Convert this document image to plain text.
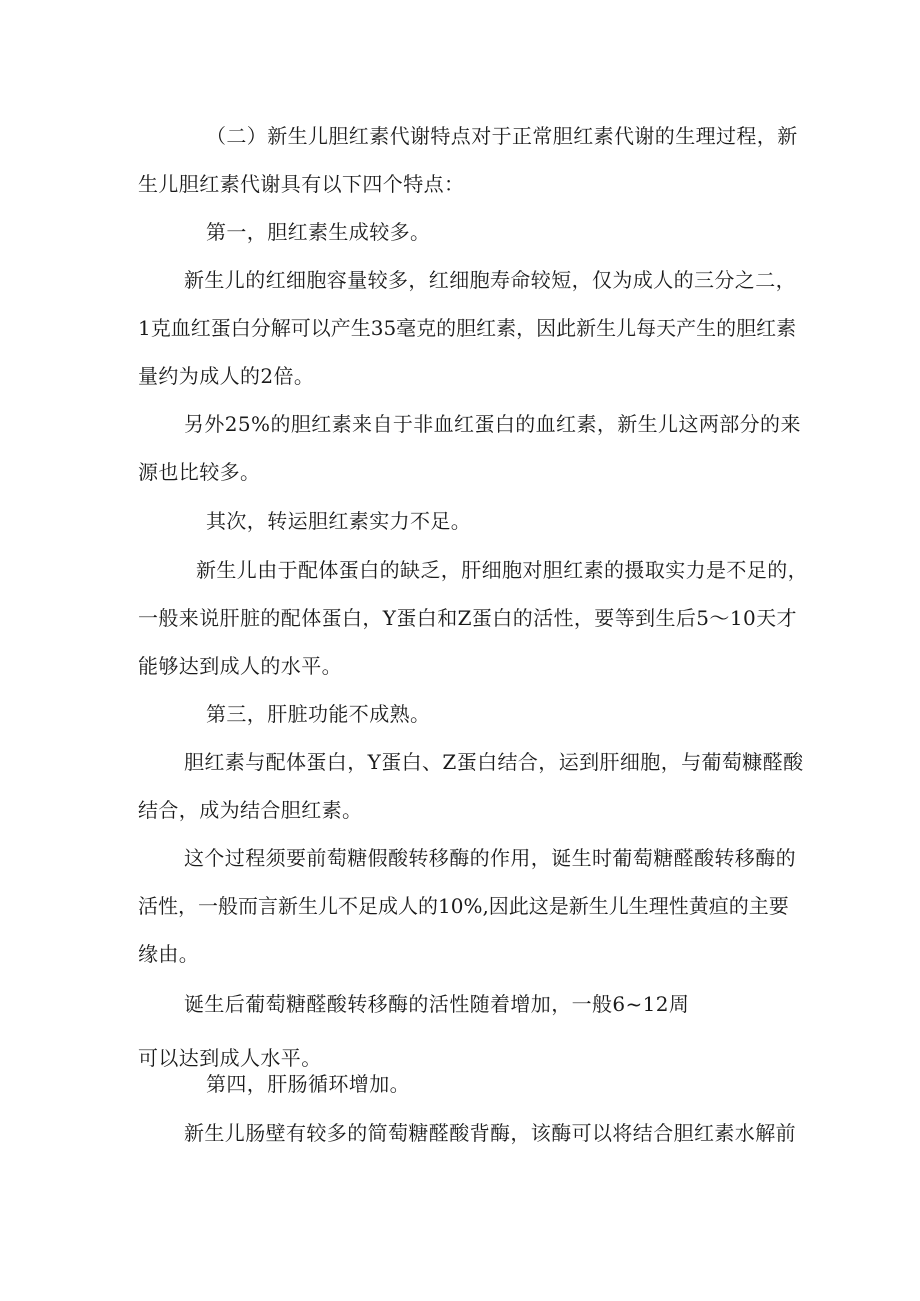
（二）新生儿胆红素代谢特点对于正常胆红素代谢的生理过程，新
生儿胆红素代谢具有以下四个特点：
第一，胆红素生成较多。
新生儿的红细胞容量较多，红细胞寿命较短，仅为成人的三分之二，
1克血红蛋白分解可以产生35毫克的胆红素，因此新生儿每天产生的胆红素
量约为成人的2倍。
另外25%的胆红素来自于非血红蛋白的血红素，新生儿这两部分的来
源也比较多。
其次，转运胆红素实力不足。
新生儿由于配体蛋白的缺乏，肝细胞对胆红素的摄取实力是不足的，
一般来说肝脏的配体蛋白，Y蛋白和Z蛋白的活性，要等到生后5～10天才
能够达到成人的水平。
第三，肝脏功能不成熟。
胆红素与配体蛋白，Y蛋白、Z蛋白结合，运到肝细胞，与葡萄糠醛酸
结合，成为结合胆红素。
这个过程须要前萄糖假酸转移酶的作用，诞生时葡萄糖醛酸转移酶的
活性，一般而言新生儿不足成人的10%,因此这是新生儿生理性黄疸的主要
缘由。
诞生后葡萄糖醛酸转移酶的活性随着增加，一般6~12周
可以达到成人水平。
第四，肝肠循环增加。
新生儿肠壁有较多的简萄糖醛酸背酶，该酶可以将结合胆红素水解前
